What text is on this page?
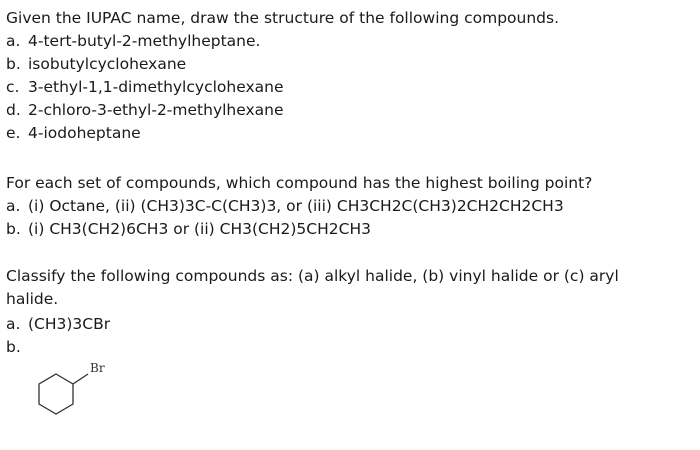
Given the IUPAC name, draw the structure of the following compounds.
a. 4-tert-butyl-2-methylheptane.
b. isobutylcyclohexane
c. 3-ethyl-1,1-dimethylcyclohexane
d. 2-chloro-3-ethyl-2-methylhexane
e. 4-iodoheptane
For each set of compounds, which compound has the highest boiling point?
a. (i) Octane, (ii) (CH3)3C-C(CH3)3, or (iii) CH3CH2C(CH3)2CH2CH2CH3
b. (i) CH3(CH2)6CH3 or (ii) CH3(CH2)5CH2CH3
Classify the following compounds as: (a) alkyl halide, (b) vinyl halide or (c) aryl
halide.
a. (CH3)3CBr
b.
Br
